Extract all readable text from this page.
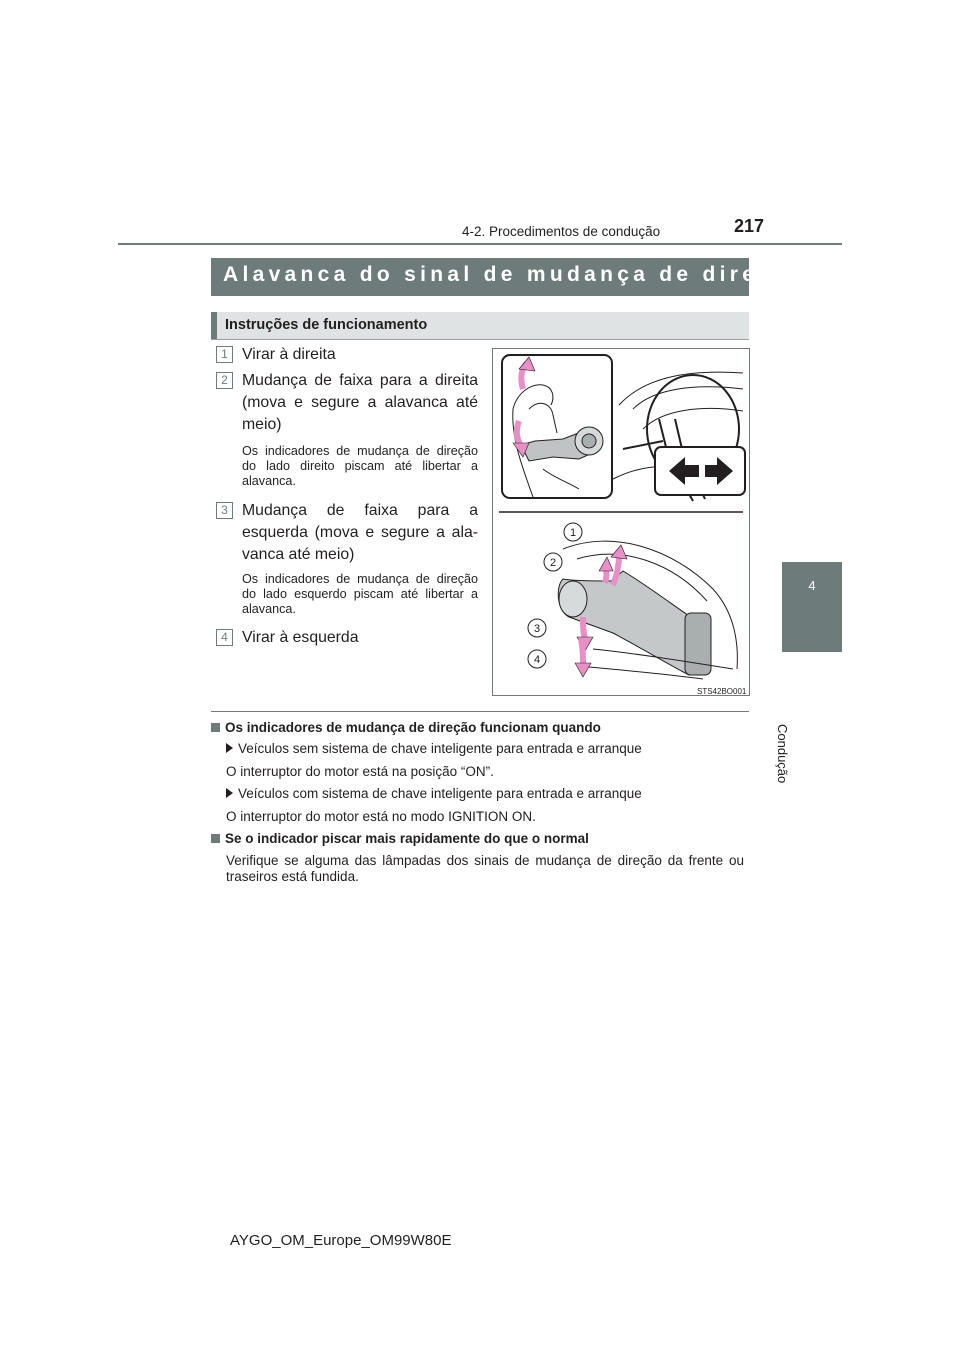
4-2. Procedimentos de condução	217
4
Condução
Alavanca do sinal de mudança de direção
Instruções de funcionamento
1 Virar à direita
2 Mudança de faixa para a direita (mova e segure a alavanca até meio)
Os indicadores de mudança de direção do lado direito piscam até libertar a alavanca.
3 Mudança de faixa para a esquerda (mova e segure a ala-vanca até meio)
Os indicadores de mudança de direção do lado esquerdo piscam até libertar a alavanca.
4 Virar à esquerda
1
2
3
4
STS42BO001
Os indicadores de mudança de direção funcionam quando
Veículos sem sistema de chave inteligente para entrada e arranque
O interruptor do motor está na posição “ON”.
Veículos com sistema de chave inteligente para entrada e arranque
O interruptor do motor está no modo IGNITION ON.
Se o indicador piscar mais rapidamente do que o normal
Verifique se alguma das lâmpadas dos sinais de mudança de direção da frente ou traseiros está fundida.
AYGO_OM_Europe_OM99W80E
